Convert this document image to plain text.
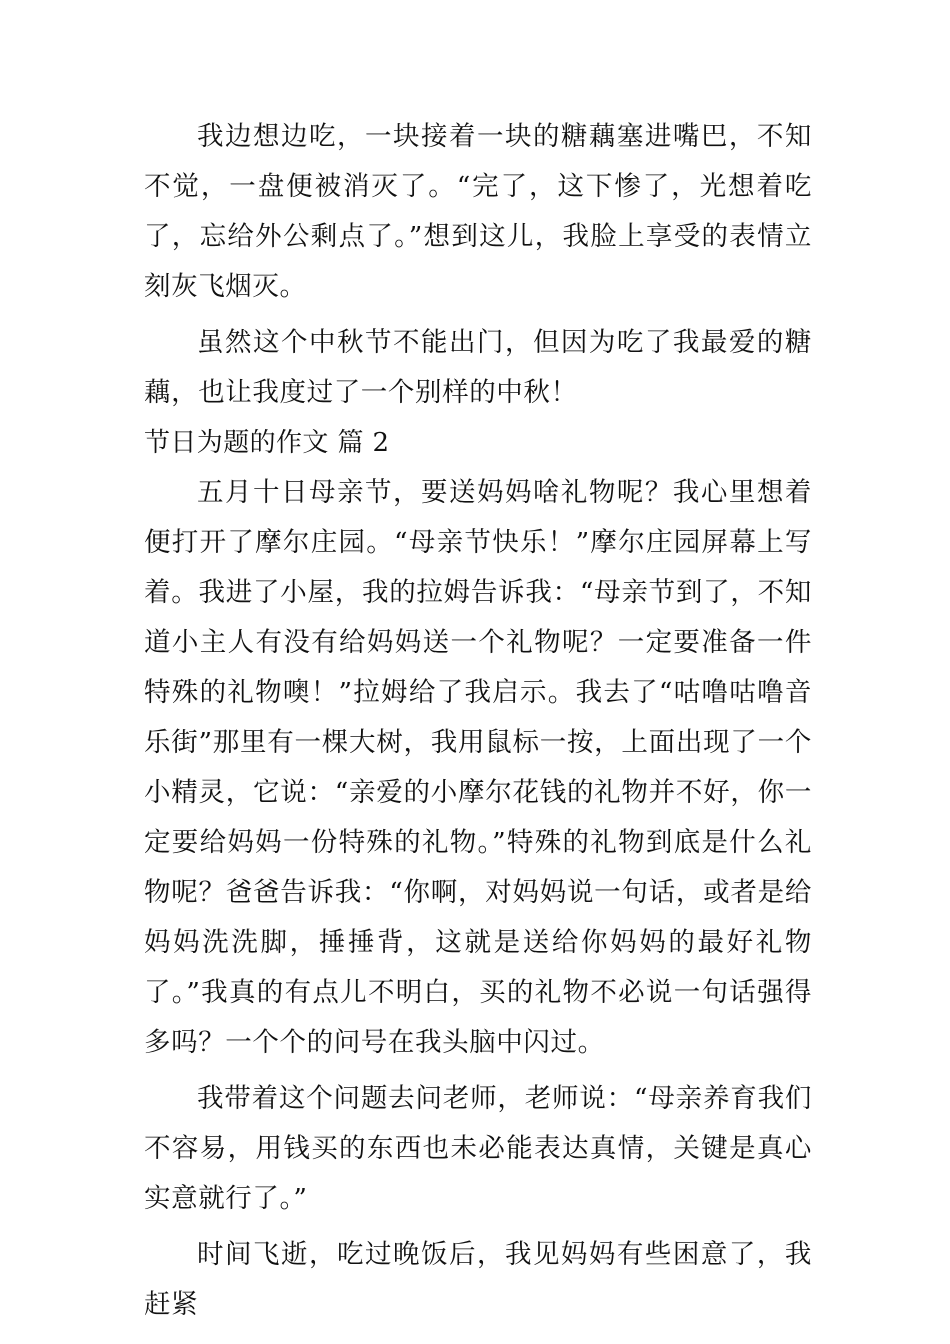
我边想边吃，一块接着一块的糖藕塞进嘴巴，不知不觉，一盘便被消灭了。“完了，这下惨了，光想着吃了，忘给外公剩点了。”想到这儿，我脸上享受的表情立刻灰飞烟灭。

虽然这个中秋节不能出门，但因为吃了我最爱的糖藕，也让我度过了一个别样的中秋！

节日为题的作文 篇 2

五月十日母亲节，要送妈妈啥礼物呢？我心里想着便打开了摩尔庄园。“母亲节快乐！”摩尔庄园屏幕上写着。我进了小屋，我的拉姆告诉我：“母亲节到了，不知道小主人有没有给妈妈送一个礼物呢？一定要准备一件特殊的礼物噢！”拉姆给了我启示。我去了“咕噜咕噜音乐街”那里有一棵大树，我用鼠标一按，上面出现了一个小精灵，它说：“亲爱的小摩尔花钱的礼物并不好，你一定要给妈妈一份特殊的礼物。”特殊的礼物到底是什么礼物呢？爸爸告诉我：“你啊，对妈妈说一句话，或者是给妈妈洗洗脚，捶捶背，这就是送给你妈妈的最好礼物了。”我真的有点儿不明白，买的礼物不必说一句话强得多吗？一个个的问号在我头脑中闪过。

我带着这个问题去问老师，老师说：“母亲养育我们不容易，用钱买的东西也未必能表达真情，关键是真心实意就行了。”

时间飞逝，吃过晚饭后，我见妈妈有些困意了，我赶紧
